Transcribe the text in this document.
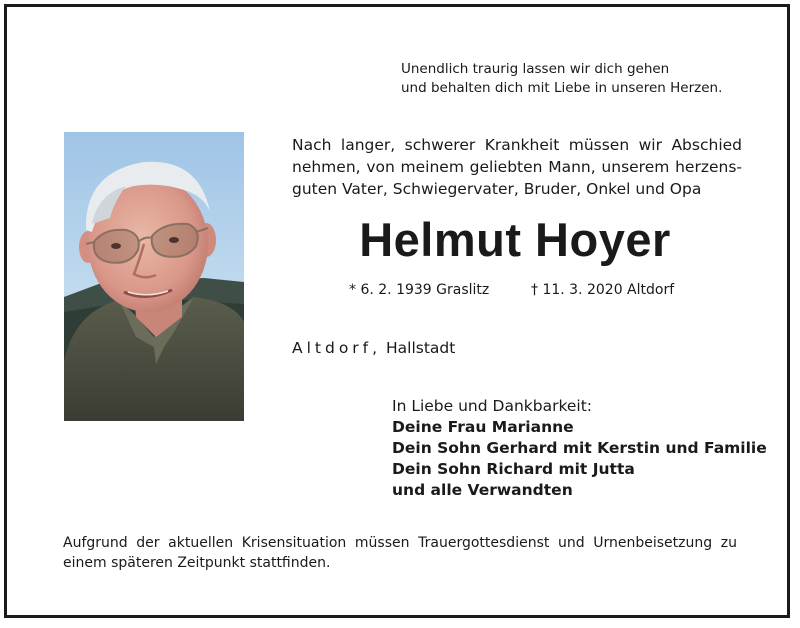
Unendlich traurig lassen wir dich gehen
und behalten dich mit Liebe in unseren Herzen.
Nach langer, schwerer Krankheit müssen wir Abschied
nehmen, von meinem geliebten Mann, unserem herzens-
guten Vater, Schwiegervater, Bruder, Onkel und Opa
Helmut Hoyer
* 6. 2. 1939 Graslitz	† 11. 3. 2020 Altdorf
Altdorf, Hallstadt
In Liebe und Dankbarkeit:
Deine Frau Marianne
Dein Sohn Gerhard mit Kerstin und Familie
Dein Sohn Richard mit Jutta
und alle Verwandten
Aufgrund der aktuellen Krisensituation müssen Trauergottesdienst und Urnenbeisetzung zu
einem späteren Zeitpunkt stattfinden.
